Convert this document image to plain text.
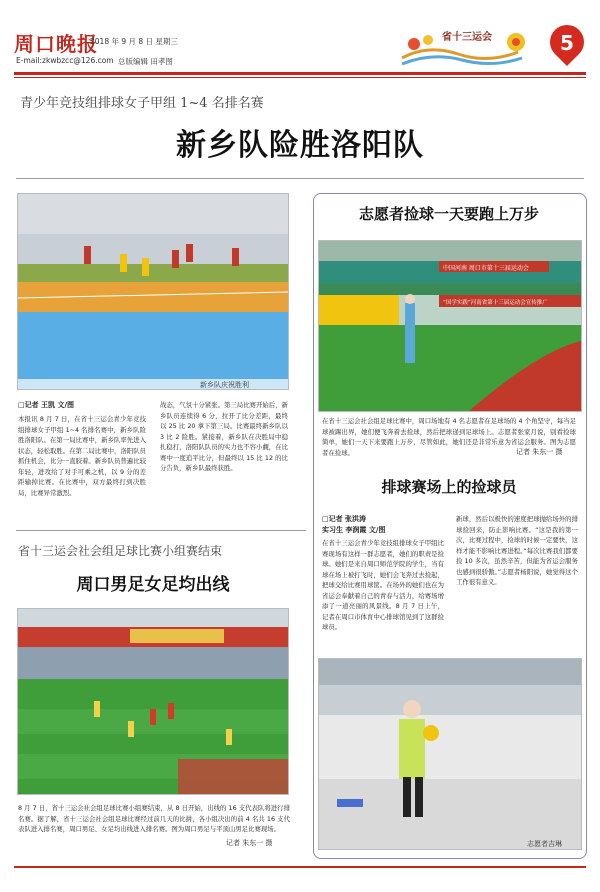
周口晚报
2018 年 9 月 8 日 星期三
E-mail:zkwbzcc@126.com 总版编辑 田孝图
省十三运会	5
青少年竞技组排球女子甲组 1~4 名排名赛
新乡队险胜洛阳队
新乡队庆祝胜利
□记者 王凯 文/图
本报讯 8 月 7 日，在省十三运会青少年竞技组排球女子甲组 1~4 名排名赛中，新乡队险胜洛阳队。在第一局比赛中，新乡队率先进入状态，轻松取胜。在第二局比赛中，洛阳队员抓住机会，比分一直胶着。新乡队员普遍比较年轻，进攻给了对手可乘之机，以 9 分的差距输掉比赛。在比赛中，双方最终打到决胜局，比赛异常激烈。
战态，气氛十分紧张。第三局比赛开始后，新乡队员连续得 6 分，拉开了比分差距，最终以 25 比 20 拿下第三局。比赛最终新乡队以 3 比 2 险胜。紧接着，新乡队在决胜局中稳扎稳打，洛阳队队员的实力也不容小觑，在比赛中一度追平比分，但最终以 15 比 12 的比分告负，新乡队最终获胜。
省十三运会社会组足球比赛小组赛结束
周口男足女足均出线
8 月 7 日，省十三运会社会组足球比赛小组赛结束，从 8 日开始，出线的 16 支代表队将进行排名赛。据了解，省十三运会社会组足球比赛经过前几天的比拼，各小组决出的前 4 名共 16 支代表队进入排名赛，周口男足、女足均出线进入排名赛。图为周口男足与平顶山男足比赛现场。
记者 朱东一 摄
志愿者捡球一天要跑上万步
中国河南 周口市第十三届运动会
“国学实践”河南省第十三届运动会宣传推广
在省十三运会社会组足球比赛中，周口场地有 4 名志愿者在足球场的 4 个角坚守，每当足球被踢出界，她们便飞奔着去捡球，然后把球递到足球场上。志愿者张家月说，别看捡球简单，她们一天下来要跑上万步，尽管如此，她们还是非常乐意为省运会服务。图为志愿者在捡球。	记者 朱东一 摄
排球赛场上的捡球员
□记者 张洪涛
实习生 李润霞 文/图
在省十三运会青少年竞技组排球女子甲组比赛现场有这样一群志愿者，她们的职责是捡球。她们是来自周口师范学院的学生，当有球在场上被打飞时，她们会飞奔过去捡起，把球交给比赛用球筐。在场外的她们也在为省运会奉献着自己的青春与活力，给赛场增添了一道亮丽的风景线。8 月 7 日上午，记者在周口市体育中心排球馆见到了这群捡球员。
新球，然后以极快的速度把球抛给场外的排球捡回来，防止影响比赛。“这是我的第一次，比赛过程中，捡球的时候一定要快，这样才能不影响比赛进程。”每次比赛我们都要捡 10 多次，虽然辛苦，但能为省运会服务也感到很骄傲。”志愿者杨阳说，她觉得这个工作很有意义。
志愿者吉琳
